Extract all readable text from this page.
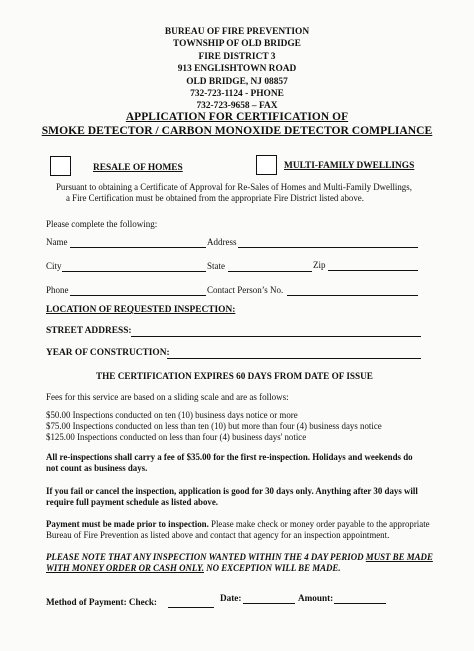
BUREAU OF FIRE PREVENTION
TOWNSHIP OF OLD BRIDGE
FIRE DISTRICT 3
913 ENGLISHTOWN ROAD
OLD BRIDGE, NJ 08857
732-723-1124 - PHONE
732-723-9658 – FAX
APPLICATION FOR CERTIFICATION OF
SMOKE DETECTOR / CARBON MONOXIDE DETECTOR COMPLIANCE
RESALE OF HOMES	MULTI-FAMILY DWELLINGS
Pursuant to obtaining a Certificate of Approval for Re-Sales of Homes and Multi-Family Dwellings,
a Fire Certification must be obtained from the appropriate Fire District listed above.
Please complete the following:
Name	Address
City	State	Zip
Phone	Contact Person’s No.
LOCATION OF REQUESTED INSPECTION:
STREET ADDRESS:
YEAR OF CONSTRUCTION:
THE CERTIFICATION EXPIRES 60 DAYS FROM DATE OF ISSUE
Fees for this service are based on a sliding scale and are as follows:
$50.00 Inspections conducted on ten (10) business days notice or more
$75.00 Inspections conducted on less than ten (10) but more than four (4) business days notice
$125.00 Inspections conducted on less than four (4) business days' notice
All re-inspections shall carry a fee of $35.00 for the first re-inspection. Holidays and weekends do
not count as business days.
If you fail or cancel the inspection, application is good for 30 days only. Anything after 30 days will
require full payment schedule as listed above.
Payment must be made prior to inspection. Please make check or money order payable to the appropriate
Bureau of Fire Prevention as listed above and contact that agency for an inspection appointment.
PLEASE NOTE THAT ANY INSPECTION WANTED WITHIN THE 4 DAY PERIOD MUST BE MADE
WITH MONEY ORDER OR CASH ONLY. NO EXCEPTION WILL BE MADE.
Method of Payment: Check:	Date:	Amount:
